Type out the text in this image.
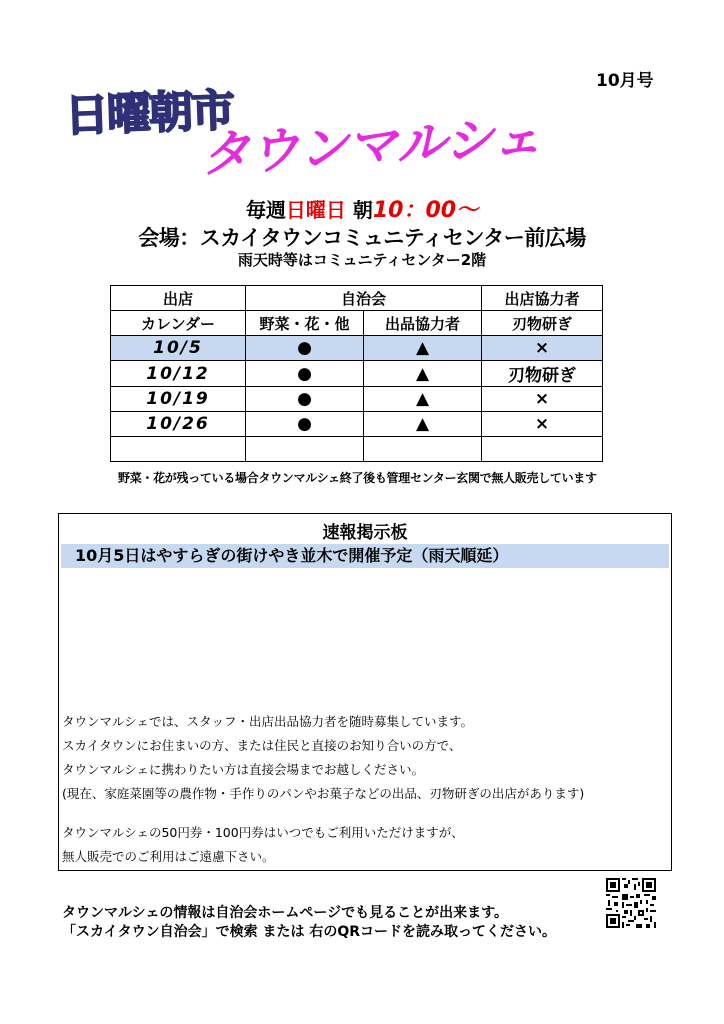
10月号
日曜朝市
タウンマルシェ
毎週日曜日 朝10：00～
会場：スカイタウンコミュニティセンター前広場
雨天時等はコミュニティセンター2階
出店	自治会		出店協力者
カレンダー	野菜・花・他	出品協力者	刃物研ぎ
10/5	●	▲	×
10/12	●	▲	刃物研ぎ
10/19	●	▲	×
10/26	●	▲	×

野菜・花が残っている場合タウンマルシェ終了後も管理センター玄関で無人販売しています
速報掲示板
10月5日はやすらぎの街けやき並木で開催予定（雨天順延）
タウンマルシェでは、スタッフ・出店出品協力者を随時募集しています。
スカイタウンにお住まいの方、または住民と直接のお知り合いの方で、
タウンマルシェに携わりたい方は直接会場までお越しください。
(現在、家庭菜園等の農作物・手作りのパンやお菓子などの出品、刃物研ぎの出店があります)
タウンマルシェの50円券・100円券はいつでもご利用いただけますが、
無人販売でのご利用はご遠慮下さい。
タウンマルシェの情報は自治会ホームページでも見ることが出来ます。
「スカイタウン自治会」で検索 または 右のQRコードを読み取ってください。
